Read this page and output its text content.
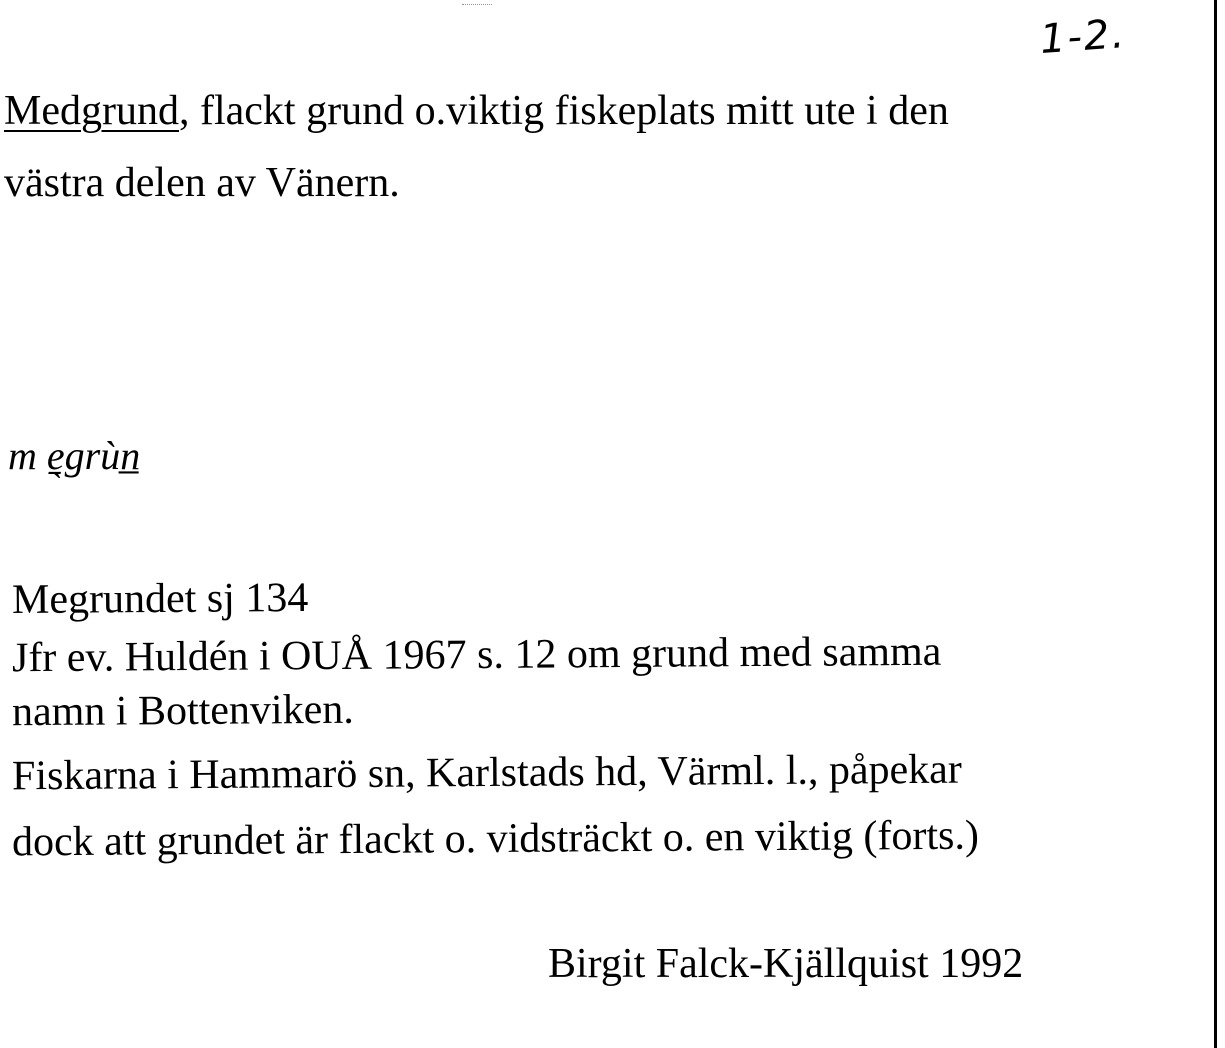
1-2.
Medgrund, flackt grund o.viktig fiskeplats mitt ute i den
västra delen av Vänern.
m e̱̖grùn̲
Megrundet sj 134
Jfr ev. Huldén i OUÅ 1967 s. 12 om grund med samma
namn i Bottenviken.
Fiskarna i Hammarö sn, Karlstads hd, Värml. l., påpekar
dock att grundet är flackt o. vidsträckt o. en viktig (forts.)
Birgit Falck-Kjällquist 1992
